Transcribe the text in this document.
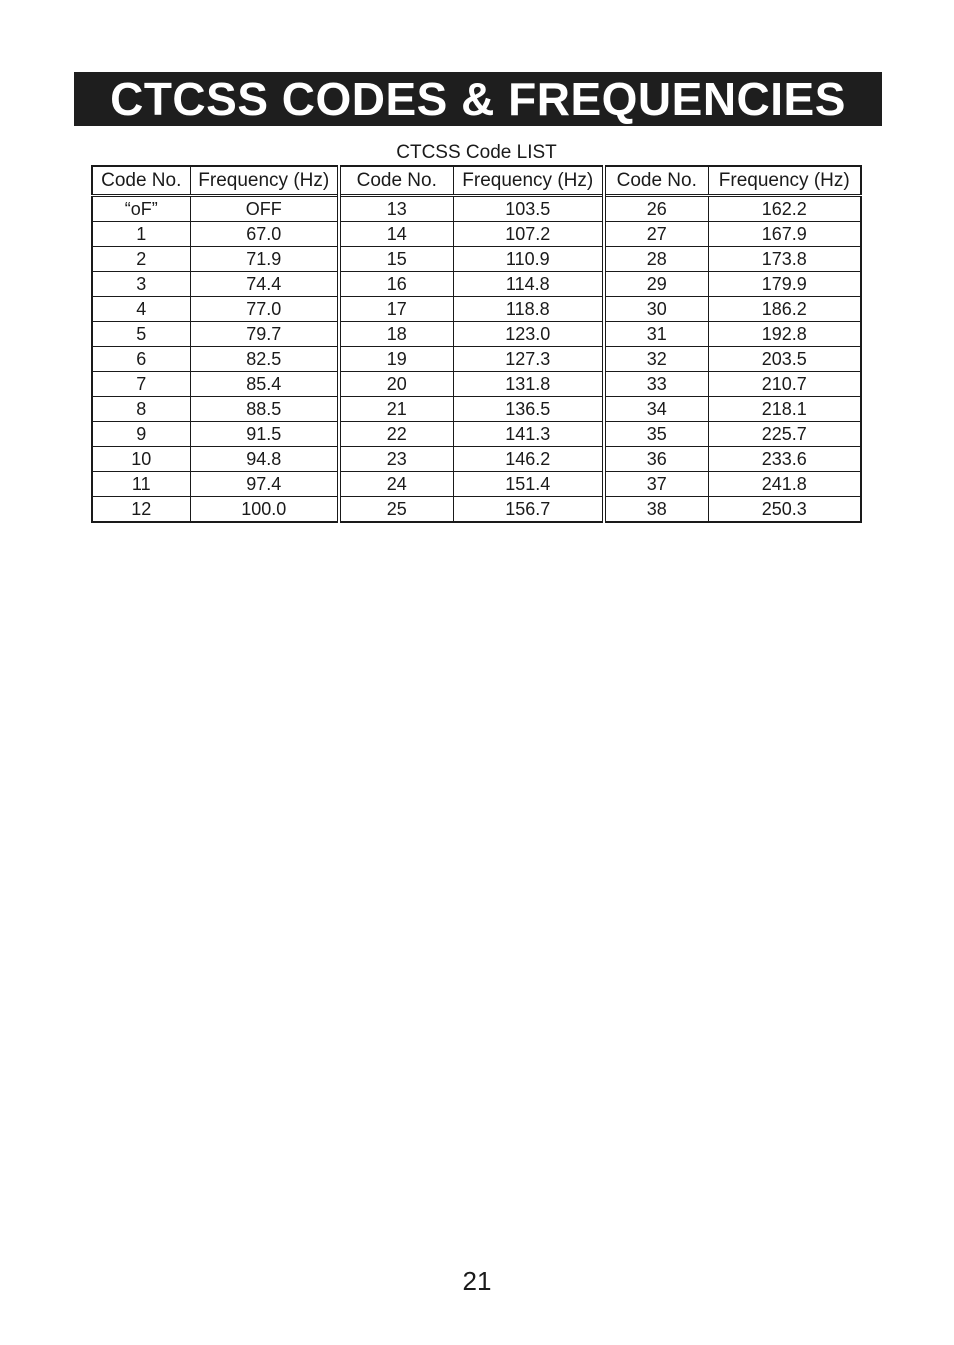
CTCSS CODES & FREQUENCIES
CTCSS Code LIST
Code No.	Frequency (Hz)	Code No.	Frequency (Hz)	Code No.	Frequency (Hz)
“oF”	OFF	13	103.5	26	162.2
1	67.0	14	107.2	27	167.9
2	71.9	15	110.9	28	173.8
3	74.4	16	114.8	29	179.9
4	77.0	17	118.8	30	186.2
5	79.7	18	123.0	31	192.8
6	82.5	19	127.3	32	203.5
7	85.4	20	131.8	33	210.7
8	88.5	21	136.5	34	218.1
9	91.5	22	141.3	35	225.7
10	94.8	23	146.2	36	233.6
11	97.4	24	151.4	37	241.8
12	100.0	25	156.7	38	250.3
21
